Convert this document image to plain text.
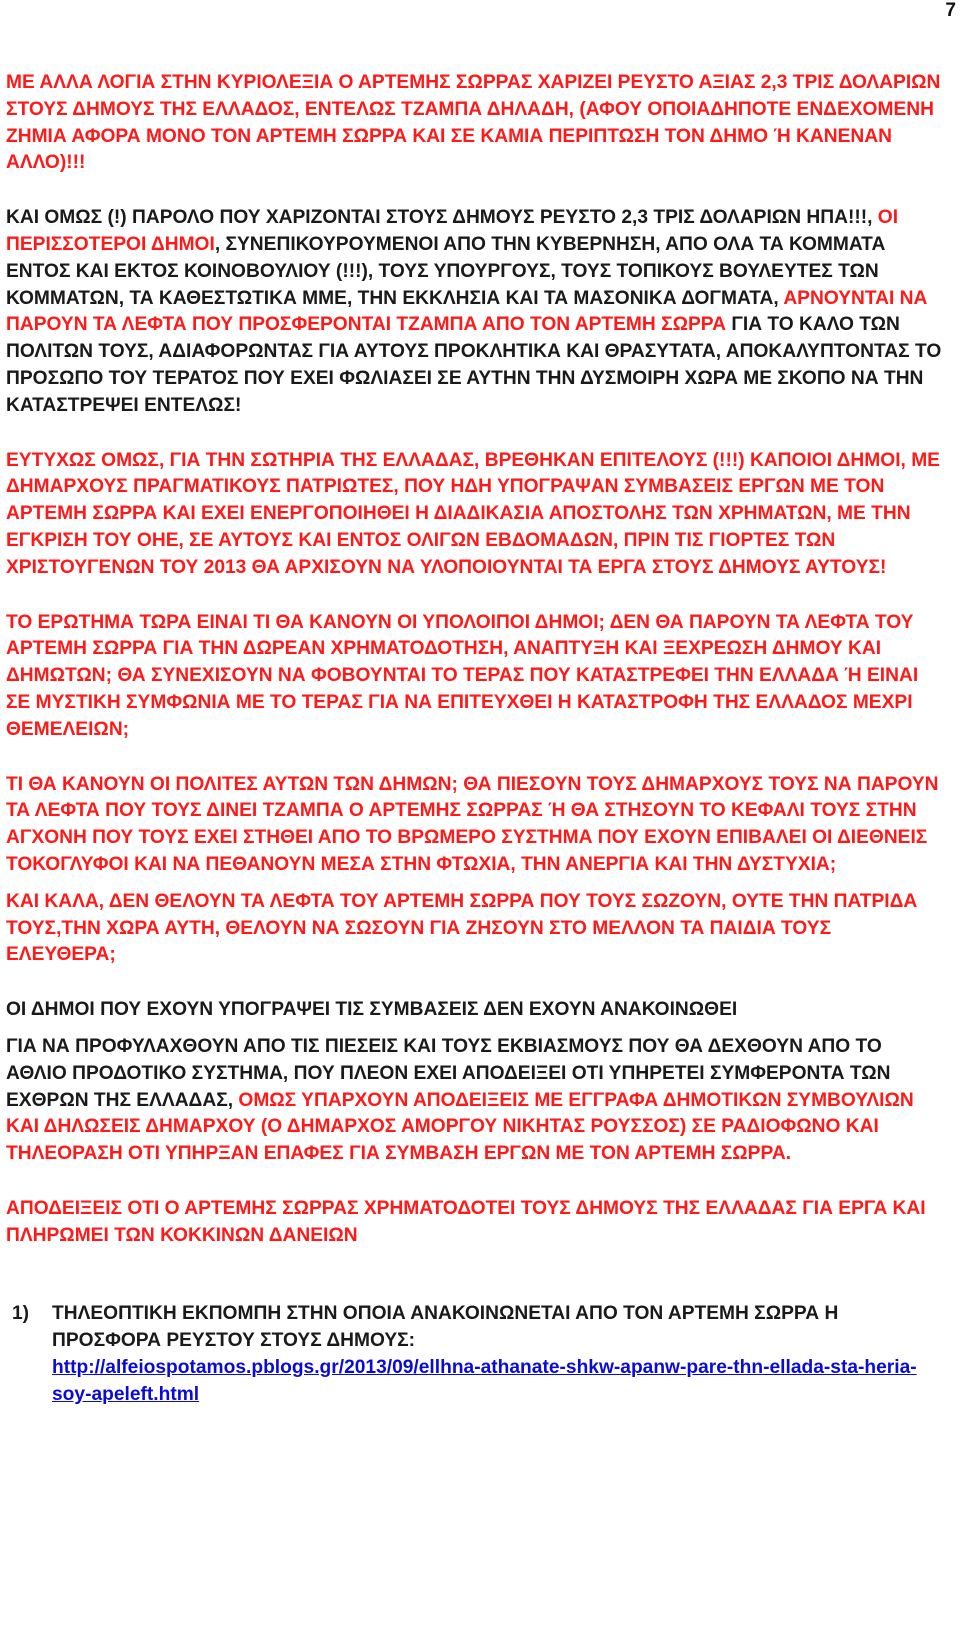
7

ΜΕ ΑΛΛΑ ΛΟΓΙΑ ΣΤΗΝ ΚΥΡΙΟΛΕΞΙΑ Ο ΑΡΤΕΜΗΣ ΣΩΡΡΑΣ ΧΑΡΙΖΕΙ ΡΕΥΣΤΟ ΑΞΙΑΣ 2,3 ΤΡΙΣ ΔΟΛΑΡΙΩΝ ΣΤΟΥΣ ΔΗΜΟΥΣ ΤΗΣ ΕΛΛΑΔΟΣ, ΕΝΤΕΛΩΣ ΤΖΑΜΠΑ ΔΗΛΑΔΗ, (ΑΦΟΥ ΟΠΟΙΑΔΗΠΟΤΕ ΕΝΔΕΧΟΜΕΝΗ ΖΗΜΙΑ ΑΦΟΡΑ ΜΟΝΟ ΤΟΝ ΑΡΤΕΜΗ ΣΩΡΡΑ ΚΑΙ ΣΕ ΚΑΜΙΑ ΠΕΡΙΠΤΩΣΗ ΤΟΝ ΔΗΜΟ Ή ΚΑΝΕΝΑΝ ΑΛΛΟ)!!!

ΚΑΙ ΟΜΩΣ (!) ΠΑΡΟΛΟ ΠΟΥ ΧΑΡΙΖΟΝΤΑΙ ΣΤΟΥΣ ΔΗΜΟΥΣ ΡΕΥΣΤΟ 2,3 ΤΡΙΣ ΔΟΛΑΡΙΩΝ ΗΠΑ!!!, ΟΙ ΠΕΡΙΣΣΟΤΕΡΟΙ ΔΗΜΟΙ, ΣΥΝΕΠΙΚΟΥΡΟΥΜΕΝΟΙ ΑΠΟ ΤΗΝ ΚΥΒΕΡΝΗΣΗ, ΑΠΟ ΟΛΑ ΤΑ ΚΟΜΜΑΤΑ ΕΝΤΟΣ ΚΑΙ ΕΚΤΟΣ ΚΟΙΝΟΒΟΥΛΙΟΥ (!!!), ΤΟΥΣ ΥΠΟΥΡΓΟΥΣ, ΤΟΥΣ ΤΟΠΙΚΟΥΣ ΒΟΥΛΕΥΤΕΣ ΤΩΝ ΚΟΜΜΑΤΩΝ, ΤΑ ΚΑΘΕΣΤΩΤΙΚΑ ΜΜΕ, ΤΗΝ ΕΚΚΛΗΣΙΑ ΚΑΙ ΤΑ ΜΑΣΟΝΙΚΑ ΔΟΓΜΑΤΑ, ΑΡΝΟΥΝΤΑΙ ΝΑ ΠΑΡΟΥΝ ΤΑ ΛΕΦΤΑ ΠΟΥ ΠΡΟΣΦΕΡΟΝΤΑΙ ΤΖΑΜΠΑ ΑΠΟ ΤΟΝ ΑΡΤΕΜΗ ΣΩΡΡΑ ΓΙΑ ΤΟ ΚΑΛΟ ΤΩΝ ΠΟΛΙΤΩΝ ΤΟΥΣ, ΑΔΙΑΦΟΡΩΝΤΑΣ ΓΙΑ ΑΥΤΟΥΣ ΠΡΟΚΛΗΤΙΚΑ ΚΑΙ ΘΡΑΣΥΤΑΤΑ, ΑΠΟΚΑΛΥΠΤΟΝΤΑΣ ΤΟ ΠΡΟΣΩΠΟ ΤΟΥ ΤΕΡΑΤΟΣ ΠΟΥ ΕΧΕΙ ΦΩΛΙΑΣΕΙ ΣΕ ΑΥΤΗΝ ΤΗΝ ΔΥΣΜΟΙΡΗ ΧΩΡΑ ΜΕ ΣΚΟΠΟ ΝΑ ΤΗΝ ΚΑΤΑΣΤΡΕΨΕΙ ΕΝΤΕΛΩΣ!

ΕΥΤΥΧΩΣ ΟΜΩΣ, ΓΙΑ ΤΗΝ ΣΩΤΗΡΙΑ ΤΗΣ ΕΛΛΑΔΑΣ, ΒΡΕΘΗΚΑΝ ΕΠΙΤΕΛΟΥΣ (!!!) ΚΑΠΟΙΟΙ ΔΗΜΟΙ, ΜΕ ΔΗΜΑΡΧΟΥΣ ΠΡΑΓΜΑΤΙΚΟΥΣ ΠΑΤΡΙΩΤΕΣ, ΠΟΥ ΗΔΗ ΥΠΟΓΡΑΨΑΝ ΣΥΜΒΑΣΕΙΣ ΕΡΓΩΝ ΜΕ ΤΟΝ ΑΡΤΕΜΗ ΣΩΡΡΑ ΚΑΙ ΕΧΕΙ ΕΝΕΡΓΟΠΟΙΗΘΕΙ Η ΔΙΑΔΙΚΑΣΙΑ ΑΠΟΣΤΟΛΗΣ ΤΩΝ ΧΡΗΜΑΤΩΝ, ΜΕ ΤΗΝ ΕΓΚΡΙΣΗ ΤΟΥ ΟΗΕ, ΣΕ ΑΥΤΟΥΣ ΚΑΙ ΕΝΤΟΣ ΟΛΙΓΩΝ ΕΒΔΟΜΑΔΩΝ, ΠΡΙΝ ΤΙΣ ΓΙΟΡΤΕΣ ΤΩΝ ΧΡΙΣΤΟΥΓΕΝΩΝ ΤΟΥ 2013 ΘΑ ΑΡΧΙΣΟΥΝ ΝΑ ΥΛΟΠΟΙΟΥΝΤΑΙ ΤΑ ΕΡΓΑ ΣΤΟΥΣ ΔΗΜΟΥΣ ΑΥΤΟΥΣ!

ΤΟ ΕΡΩΤΗΜΑ ΤΩΡΑ ΕΙΝΑΙ ΤΙ ΘΑ ΚΑΝΟΥΝ ΟΙ ΥΠΟΛΟΙΠΟΙ ΔΗΜΟΙ; ΔΕΝ ΘΑ ΠΑΡΟΥΝ ΤΑ ΛΕΦΤΑ ΤΟΥ ΑΡΤΕΜΗ ΣΩΡΡΑ ΓΙΑ ΤΗΝ ΔΩΡΕΑΝ ΧΡΗΜΑΤΟΔΟΤΗΣΗ, ΑΝΑΠΤΥΞΗ ΚΑΙ ΞΕΧΡΕΩΣΗ ΔΗΜΟΥ ΚΑΙ ΔΗΜΩΤΩΝ; ΘΑ ΣΥΝΕΧΙΣΟΥΝ ΝΑ ΦΟΒΟΥΝΤΑΙ ΤΟ ΤΕΡΑΣ ΠΟΥ ΚΑΤΑΣΤΡΕΦΕΙ ΤΗΝ ΕΛΛΑΔΑ Ή ΕΙΝΑΙ ΣΕ ΜΥΣΤΙΚΗ ΣΥΜΦΩΝΙΑ ΜΕ ΤΟ ΤΕΡΑΣ ΓΙΑ ΝΑ ΕΠΙΤΕΥΧΘΕΙ Η ΚΑΤΑΣΤΡΟΦΗ ΤΗΣ ΕΛΛΑΔΟΣ ΜΕΧΡΙ ΘΕΜΕΛΕΙΩΝ;

ΤΙ ΘΑ ΚΑΝΟΥΝ ΟΙ ΠΟΛΙΤΕΣ ΑΥΤΩΝ ΤΩΝ ΔΗΜΩΝ; ΘΑ ΠΙΕΣΟΥΝ ΤΟΥΣ ΔΗΜΑΡΧΟΥΣ ΤΟΥΣ ΝΑ ΠΑΡΟΥΝ ΤΑ ΛΕΦΤΑ ΠΟΥ ΤΟΥΣ ΔΙΝΕΙ ΤΖΑΜΠΑ Ο ΑΡΤΕΜΗΣ ΣΩΡΡΑΣ Ή ΘΑ ΣΤΗΣΟΥΝ ΤΟ ΚΕΦΑΛΙ ΤΟΥΣ ΣΤΗΝ ΑΓΧΟΝΗ ΠΟΥ ΤΟΥΣ ΕΧΕΙ ΣΤΗΘΕΙ ΑΠΟ ΤΟ ΒΡΩΜΕΡΟ ΣΥΣΤΗΜΑ ΠΟΥ ΕΧΟΥΝ ΕΠΙΒΑΛΕΙ ΟΙ ΔΙΕΘΝΕΙΣ ΤΟΚΟΓΛΥΦΟΙ ΚΑΙ ΝΑ ΠΕΘΑΝΟΥΝ ΜΕΣΑ ΣΤΗΝ ΦΤΩΧΙΑ, ΤΗΝ ΑΝΕΡΓΙΑ ΚΑΙ ΤΗΝ ΔΥΣΤΥΧΙΑ;

ΚΑΙ ΚΑΛΑ, ΔΕΝ ΘΕΛΟΥΝ ΤΑ ΛΕΦΤΑ ΤΟΥ ΑΡΤΕΜΗ ΣΩΡΡΑ ΠΟΥ ΤΟΥΣ ΣΩΖΟΥΝ, ΟΥΤΕ ΤΗΝ ΠΑΤΡΙΔΑ ΤΟΥΣ,ΤΗΝ ΧΩΡΑ ΑΥΤΗ, ΘΕΛΟΥΝ ΝΑ ΣΩΣΟΥΝ ΓΙΑ ΖΗΣΟΥΝ ΣΤΟ ΜΕΛΛΟΝ ΤΑ ΠΑΙΔΙΑ ΤΟΥΣ ΕΛΕΥΘΕΡΑ;

ΟΙ ΔΗΜΟΙ ΠΟΥ ΕΧΟΥΝ ΥΠΟΓΡΑΨΕΙ ΤΙΣ ΣΥΜΒΑΣΕΙΣ ΔΕΝ ΕΧΟΥΝ ΑΝΑΚΟΙΝΩΘΕΙ

ΓΙΑ ΝΑ ΠΡΟΦΥΛΑΧΘΟΥΝ ΑΠΟ ΤΙΣ ΠΙΕΣΕΙΣ ΚΑΙ ΤΟΥΣ ΕΚΒΙΑΣΜΟΥΣ ΠΟΥ ΘΑ ΔΕΧΘΟΥΝ ΑΠΟ ΤΟ ΑΘΛΙΟ ΠΡΟΔΟΤΙΚΟ ΣΥΣΤΗΜΑ, ΠΟΥ ΠΛΕΟΝ ΕΧΕΙ ΑΠΟΔΕΙΞΕΙ ΟΤΙ ΥΠΗΡΕΤΕΙ ΣΥΜΦΕΡΟΝΤΑ ΤΩΝ ΕΧΘΡΩΝ ΤΗΣ ΕΛΛΑΔΑΣ, ΟΜΩΣ ΥΠΑΡΧΟΥΝ ΑΠΟΔΕΙΞΕΙΣ ΜΕ ΕΓΓΡΑΦΑ ΔΗΜΟΤΙΚΩΝ ΣΥΜΒΟΥΛΙΩΝ ΚΑΙ ΔΗΛΩΣΕΙΣ ΔΗΜΑΡΧΟΥ (Ο ΔΗΜΑΡΧΟΣ ΑΜΟΡΓΟΥ ΝΙΚΗΤΑΣ ΡΟΥΣΣΟΣ) ΣΕ ΡΑΔΙΟΦΩΝΟ ΚΑΙ ΤΗΛΕΟΡΑΣΗ ΟΤΙ ΥΠΗΡΞΑΝ ΕΠΑΦΕΣ ΓΙΑ ΣΥΜΒΑΣΗ ΕΡΓΩΝ ΜΕ ΤΟΝ ΑΡΤΕΜΗ ΣΩΡΡΑ.

ΑΠΟΔΕΙΞΕΙΣ ΟΤΙ Ο ΑΡΤΕΜΗΣ ΣΩΡΡΑΣ ΧΡΗΜΑΤΟΔΟΤΕΙ ΤΟΥΣ ΔΗΜΟΥΣ ΤΗΣ ΕΛΛΑΔΑΣ ΓΙΑ ΕΡΓΑ ΚΑΙ ΠΛΗΡΩΜΕΙ ΤΩΝ ΚΟΚΚΙΝΩΝ ΔΑΝΕΙΩΝ

1)	ΤΗΛΕΟΠΤΙΚΗ ΕΚΠΟΜΠΗ ΣΤΗΝ ΟΠΟΙΑ ΑΝΑΚΟΙΝΩΝΕΤΑΙ ΑΠΟ ΤΟΝ ΑΡΤΕΜΗ ΣΩΡΡΑ Η ΠΡΟΣΦΟΡΑ ΡΕΥΣΤΟΥ ΣΤΟΥΣ ΔΗΜΟΥΣ:

http://alfeiospotamos.pblogs.gr/2013/09/ellhna-athanate-shkw-apanw-pare-thn-ellada-sta-heria-soy-apeleft.html
